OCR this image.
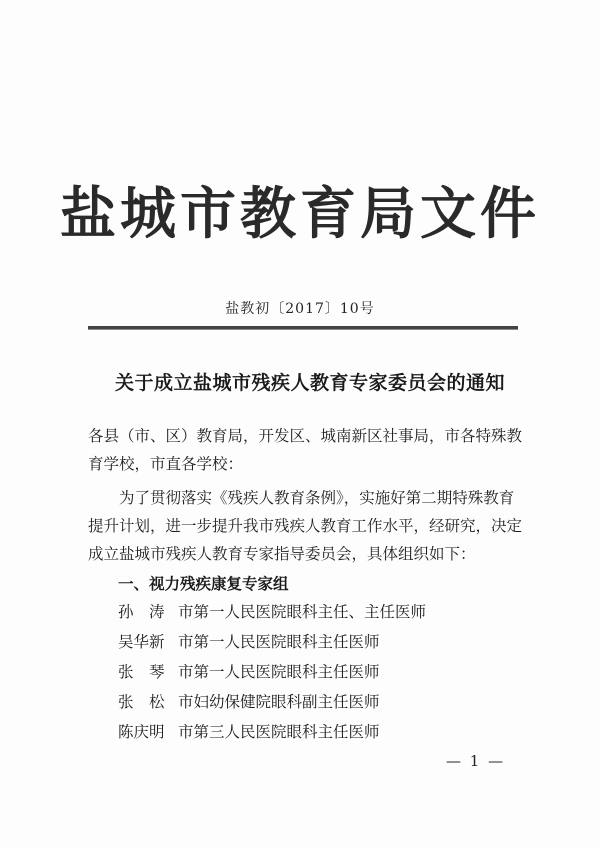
盐城市教育局文件
盐教初〔2017〕10号
关于成立盐城市残疾人教育专家委员会的通知
各县（市、区）教育局，开发区、城南新区社事局，市各特殊教育学校，市直各学校：
为了贯彻落实《残疾人教育条例》，实施好第二期特殊教育提升计划，进一步提升我市残疾人教育工作水平，经研究，决定成立盐城市残疾人教育专家指导委员会，具体组织如下：
一、视力残疾康复专家组
孙　涛 市第一人民医院眼科主任、主任医师
吴华新 市第一人民医院眼科主任医师
张　琴 市第一人民医院眼科主任医师
张　松 市妇幼保健院眼科副主任医师
陈庆明 市第三人民医院眼科主任医师
— 1 —
